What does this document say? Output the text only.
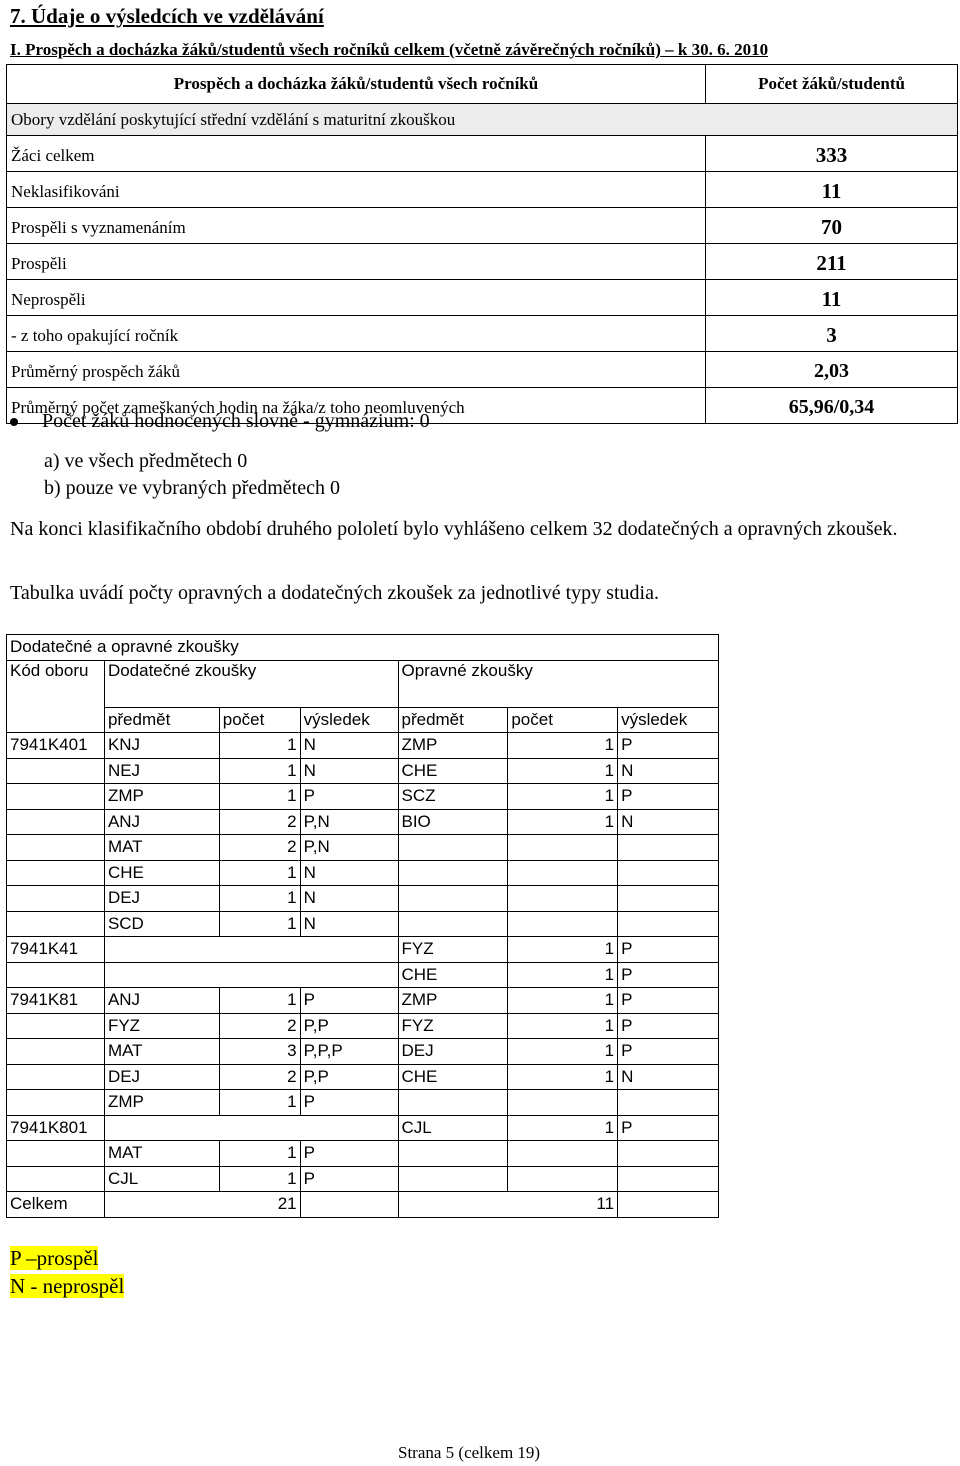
7. Údaje o výsledcích ve vzdělávání
I. Prospěch a docházka žáků/studentů všech ročníků celkem (včetně závěrečných ročníků) – k 30. 6. 2010
Prospěch a docházka žáků/studentů všech ročníků	Počet žáků/studentů
Obory vzdělání poskytující střední vzdělání s maturitní zkouškou	
Žáci celkem	333
Neklasifikováni	11
Prospěli s vyznamenáním	70
Prospěli	211
Neprospěli	11
- z toho opakující ročník	3
Průměrný prospěch žáků	2,03
Průměrný počet zameškaných hodin na žáka/z toho neomluvených	65,96/0,34
Počet žáků hodnocených slovně - gymnázium: 0
a) ve všech předmětech 0
b) pouze ve vybraných předmětech 0
Na konci klasifikačního období druhého pololetí bylo vyhlášeno celkem 32 dodatečných a opravných zkoušek.
Tabulka uvádí počty opravných a dodatečných zkoušek za jednotlivé typy studia.
Dodatečné a opravné zkoušky						
Kód oboru	Dodatečné zkoušky			Opravné zkoušky		
	předmět	počet	výsledek	předmět	počet	výsledek
7941K401	KNJ	1	N	ZMP	1	P
	NEJ	1	N	CHE	1	N
	ZMP	1	P	SCZ	1	P
	ANJ	2	P,N	BIO	1	N
	MAT	2	P,N			
	CHE	1	N			
	DEJ	1	N			
	SCD	1	N			
7941K41				FYZ	1	P
				CHE	1	P
7941K81	ANJ	1	P	ZMP	1	P
	FYZ	2	P,P	FYZ	1	P
	MAT	3	P,P,P	DEJ	1	P
	DEJ	2	P,P	CHE	1	N
	ZMP	1	P			
7941K801				CJL	1	P
	MAT	1	P			
	CJL	1	P			
Celkem	21			11		
P –prospěl
N - neprospěl
Strana 5 (celkem 19)
